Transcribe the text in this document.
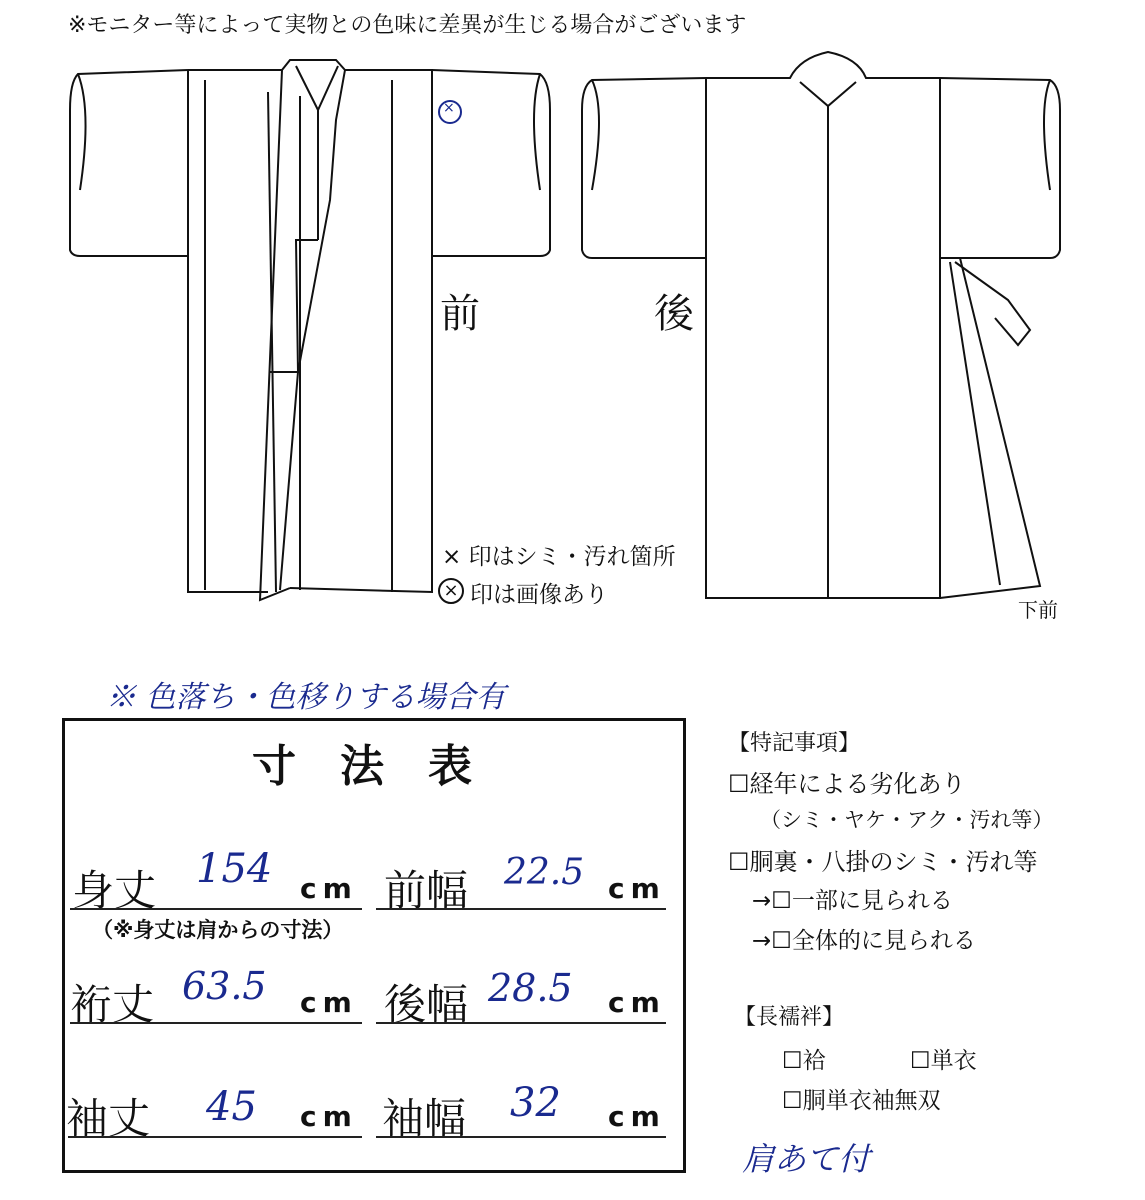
※モニター等によって実物との色味に差異が生じる場合がございます
前	後
×
× 印はシミ・汚れ箇所
× 印は画像あり
下前
※ 色落ち・色移りする場合有
寸　法　表
身丈 154 cm 前幅 22.5 cm
（※身丈は肩からの寸法）
裄丈 63.5 cm 後幅 28.5 cm
袖丈 45 cm 袖幅 32 cm
【特記事項】
☐経年による劣化あり
（シミ・ヤケ・アク・汚れ等）
☐胴裏・八掛のシミ・汚れ等
→☐一部に見られる
→☐全体的に見られる
【長襦袢】
☐袷	☐単衣
☐胴単衣袖無双
肩あて付
